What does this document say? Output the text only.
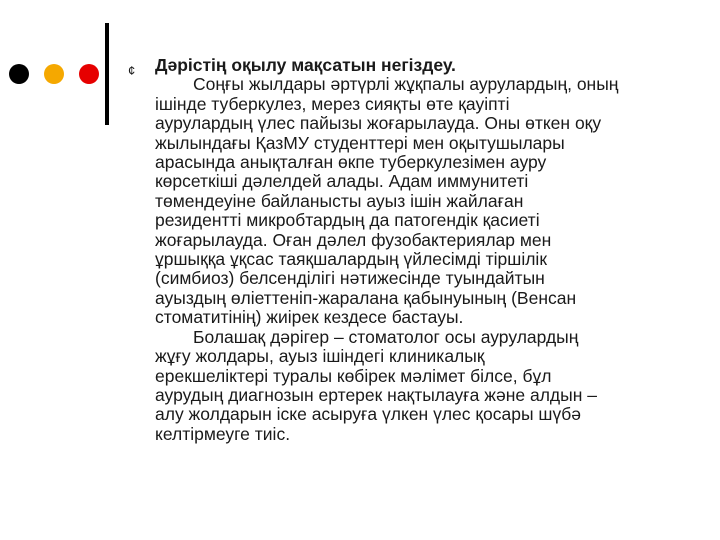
¢ Дәрістің оқылу мақсатын негіздеу.
Соңғы жылдары әртүрлі жұқпалы аурулардың, оның
ішінде туберкулез, мерез сияқты өте қауіпті
аурулардың үлес пайызы жоғарылауда. Оны өткен оқу
жылындағы ҚазМУ студенттері мен оқытушылары
арасында анықталған өкпе туберкулезімен ауру
көрсеткіші дәлелдей алады. Адам иммунитеті
төмендеуіне байланысты ауыз ішін жайлаған
резидентті микробтардың да патогендік қасиеті
жоғарылауда. Оған дәлел фузобактериялар мен
ұршыққа ұқсас таяқшалардың үйлесімді тіршілік
(симбиоз) белсенділігі нәтижесінде туындайтын
ауыздың өліеттеніп-жаралана қабынуының (Венсан
стоматитінің) жиірек кездесе бастауы.
Болашақ дәрігер – стоматолог осы аурулардың
жұғу жолдары, ауыз ішіндегі клиникалық
ерекшеліктері туралы көбірек мәлімет білсе, бұл
аурудың диагнозын ертерек нақтылауға және алдын –
алу жолдарын іске асыруға үлкен үлес қосары шүбә
келтірмеуге тиіс.
